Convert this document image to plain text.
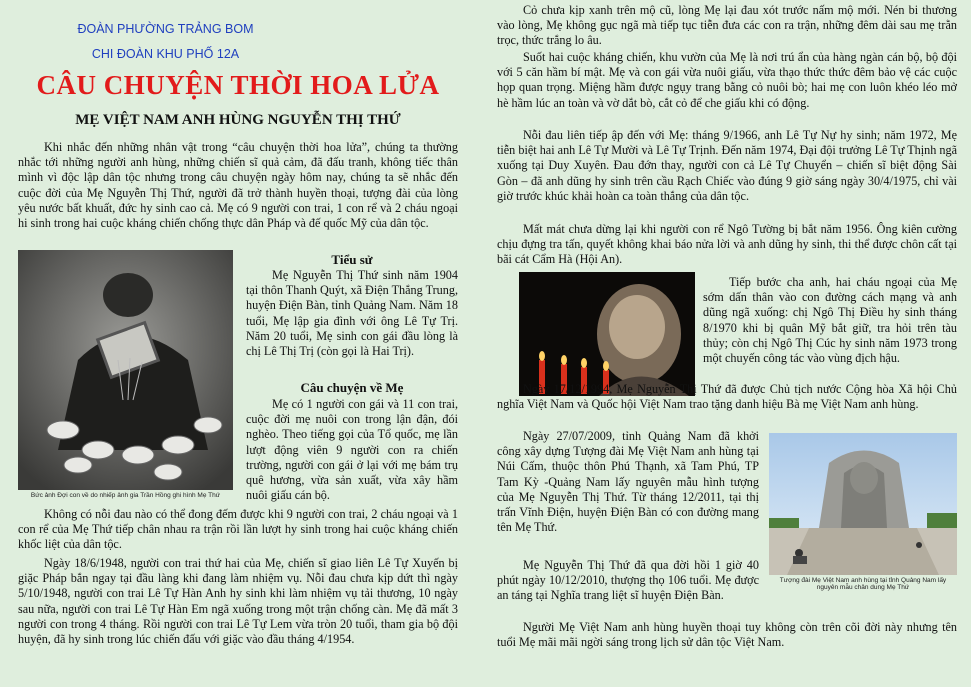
ĐOÀN PHƯỜNG TRẢNG BOM
CHI ĐOÀN KHU PHỐ 12A
CÂU CHUYỆN THỜI HOA LỬA
MẸ VIỆT NAM ANH HÙNG NGUYỄN THỊ THỨ

Khi nhắc đến những nhân vật trong “câu chuyện thời hoa lửa”, chúng ta thường nhắc tới những người anh hùng, những chiến sĩ quả cảm, đã đấu tranh, không tiếc thân mình vì độc lập dân tộc nhưng trong câu chuyện ngày hôm nay, chúng ta sẽ nhắc đến cuộc đời của Mẹ Nguyễn Thị Thứ, người đã trở thành huyền thoại, tượng đài của lòng yêu nước bất khuất, đức hy sinh cao cả. Mẹ có 9 người con trai, 1 con rể và 2 cháu ngoại hi sinh trong hai cuộc kháng chiến chống thực dân Pháp và đế quốc Mỹ của dân tộc.

Bức ảnh Đợi con về do nhiếp ảnh gia Trần Hồng ghi hình Mẹ Thứ
Tiểu sử

Mẹ Nguyễn Thị Thứ sinh năm 1904 tại thôn Thanh Quýt, xã Điện Thắng Trung, huyện Điện Bàn, tỉnh Quảng Nam. Năm 18 tuổi, Mẹ lập gia đình với ông Lê Tự Trị. Năm 20 tuổi, Mẹ sinh con gái đầu lòng là chị Lê Thị Trị (còn gọi là Hai Trị).

Câu chuyện về Mẹ

Mẹ có 1 người con gái và 11 con trai, cuộc đời mẹ nuôi con trong lận đận, đói nghèo. Theo tiếng gọi của Tổ quốc, mẹ lần lượt động viên 9 người con ra chiến trường, người con gái ở lại với mẹ bám trụ quê hương, vừa sản xuất, vừa xây hầm nuôi giấu cán bộ.

Không có nỗi đau nào có thể đong đếm được khi 9 người con trai, 2 cháu ngoại và 1 con rể của Mẹ Thứ tiếp chân nhau ra trận rồi lần lượt hy sinh trong hai cuộc kháng chiến khốc liệt của dân tộc.

Ngày 18/6/1948, người con trai thứ hai của Mẹ, chiến sĩ giao liên Lê Tự Xuyến bị giặc Pháp bắn ngay tại đầu làng khi đang làm nhiệm vụ. Nỗi đau chưa kịp dứt thì ngày 5/10/1948, người con trai Lê Tự Hàn Anh hy sinh khi làm nhiệm vụ tải thương, 10 ngày sau nữa, người con trai Lê Tự Hàn Em ngã xuống trong một trận chống càn. Mẹ đã mất 3 người con trong 4 tháng. Rồi người con trai Lê Tự Lem vừa tròn 20 tuổi, tham gia bộ đội huyện, đã hy sinh trong lúc chiến đấu với giặc vào đầu tháng 4/1954.

Cỏ chưa kịp xanh trên mộ cũ, lòng Mẹ lại đau xót trước nấm mộ mới. Nén bi thương vào lòng, Mẹ không gục ngã mà tiếp tục tiễn đưa các con ra trận, những đêm dài sau mẹ trằn trọc, thức trắng lo âu.

Suốt hai cuộc kháng chiến, khu vườn của Mẹ là nơi trú ẩn của hàng ngàn cán bộ, bộ đội với 5 căn hầm bí mật. Mẹ và con gái vừa nuôi giấu, vừa thạo thức thức đêm bảo vệ các cuộc họp quan trọng. Miệng hầm được ngụy trang bằng cỏ nuôi bò; hai mẹ con luôn khéo léo mở hè hầm lúc an toàn và vờ dắt bò, cắt cỏ để che giấu khi có động.

Nỗi đau liên tiếp ập đến với Mẹ: tháng 9/1966, anh Lê Tự Nự hy sinh; năm 1972, Mẹ tiễn biệt hai anh Lê Tự Mười và Lê Tự Trịnh. Đến năm 1974, Đại đội trưởng Lê Tự Thịnh ngã xuống tại Duy Xuyên. Đau đớn thay, người con cả Lê Tự Chuyển – chiến sĩ biệt động Sài Gòn – đã anh dũng hy sinh trên cầu Rạch Chiếc vào đúng 9 giờ sáng ngày 30/4/1975, chỉ vài giờ trước khúc khải hoàn ca toàn thắng của dân tộc.

Mất mát chưa dừng lại khi người con rể Ngô Tường bị bắt năm 1956. Ông kiên cường chịu đựng tra tấn, quyết không khai báo nửa lời và anh dũng hy sinh, thi thể được chôn cất tại bãi cát Cẩm Hà (Hội An).

Tiếp bước cha anh, hai cháu ngoại của Mẹ sớm dấn thân vào con đường cách mạng và anh dũng ngã xuống: chị Ngô Thị Điều hy sinh tháng 8/1970 khi bị quân Mỹ bắt giữ, tra hỏi trên tàu thủy; còn chị Ngô Thị Cúc hy sinh năm 1973 trong một chuyến công tác vào vùng địch hậu.

Ngày 17/12/1994, Mẹ Nguyễn Thị Thứ đã được Chủ tịch nước Cộng hòa Xã hội Chủ nghĩa Việt Nam và Quốc hội Việt Nam trao tặng danh hiệu Bà mẹ Việt Nam anh hùng.

Ngày 27/07/2009, tỉnh Quảng Nam đã khởi công xây dựng Tượng đài Mẹ Việt Nam anh hùng tại Núi Cấm, thuộc thôn Phú Thạnh, xã Tam Phú, TP Tam Kỳ -Quảng Nam lấy nguyên mẫu hình tượng của Mẹ Nguyễn Thị Thứ. Từ tháng 12/2011, tại thị trấn Vĩnh Điện, huyện Điện Bàn có con đường mang tên Mẹ Thứ.

Tượng đài Mẹ Việt Nam anh hùng tại tỉnh Quảng Nam lấy nguyên mẫu chân dung Mẹ Thứ

Mẹ Nguyễn Thị Thứ đã qua đời hồi 1 giờ 40 phút ngày 10/12/2010, thượng thọ 106 tuổi. Mẹ được an táng tại Nghĩa trang liệt sĩ huyện Điện Bàn.

Người Mẹ Việt Nam anh hùng huyền thoại tuy không còn trên cõi đời này nhưng tên tuổi Mẹ mãi mãi ngời sáng trong lịch sử dân tộc Việt Nam.
